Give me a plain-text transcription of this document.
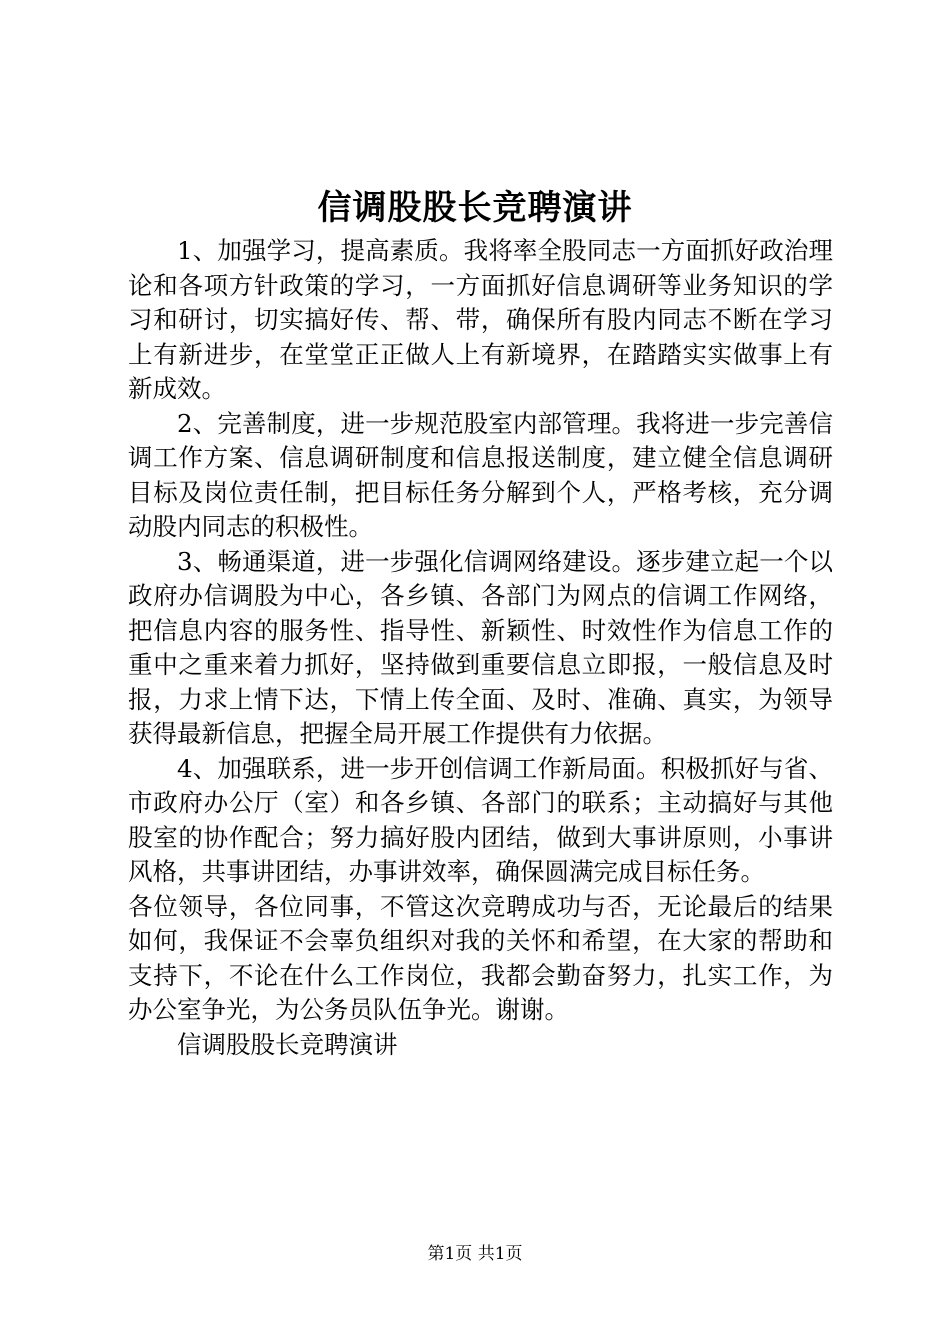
信调股股长竞聘演讲

1、加强学习，提高素质。我将率全股同志一方面抓好政治理论和各项方针政策的学习，一方面抓好信息调研等业务知识的学习和研讨，切实搞好传、帮、带，确保所有股内同志不断在学习上有新进步，在堂堂正正做人上有新境界，在踏踏实实做事上有新成效。

2、完善制度，进一步规范股室内部管理。我将进一步完善信调工作方案、信息调研制度和信息报送制度，建立健全信息调研目标及岗位责任制，把目标任务分解到个人，严格考核，充分调动股内同志的积极性。

3、畅通渠道，进一步强化信调网络建设。逐步建立起一个以政府办信调股为中心，各乡镇、各部门为网点的信调工作网络，把信息内容的服务性、指导性、新颖性、时效性作为信息工作的重中之重来着力抓好，坚持做到重要信息立即报，一般信息及时报，力求上情下达，下情上传全面、及时、准确、真实，为领导获得最新信息，把握全局开展工作提供有力依据。

4、加强联系，进一步开创信调工作新局面。积极抓好与省、市政府办公厅（室）和各乡镇、各部门的联系；主动搞好与其他股室的协作配合；努力搞好股内团结，做到大事讲原则，小事讲风格，共事讲团结，办事讲效率，确保圆满完成目标任务。

各位领导，各位同事，不管这次竞聘成功与否，无论最后的结果如何，我保证不会辜负组织对我的关怀和希望，在大家的帮助和支持下，不论在什么工作岗位，我都会勤奋努力，扎实工作，为办公室争光，为公务员队伍争光。谢谢。

信调股股长竞聘演讲

第1页 共1页
